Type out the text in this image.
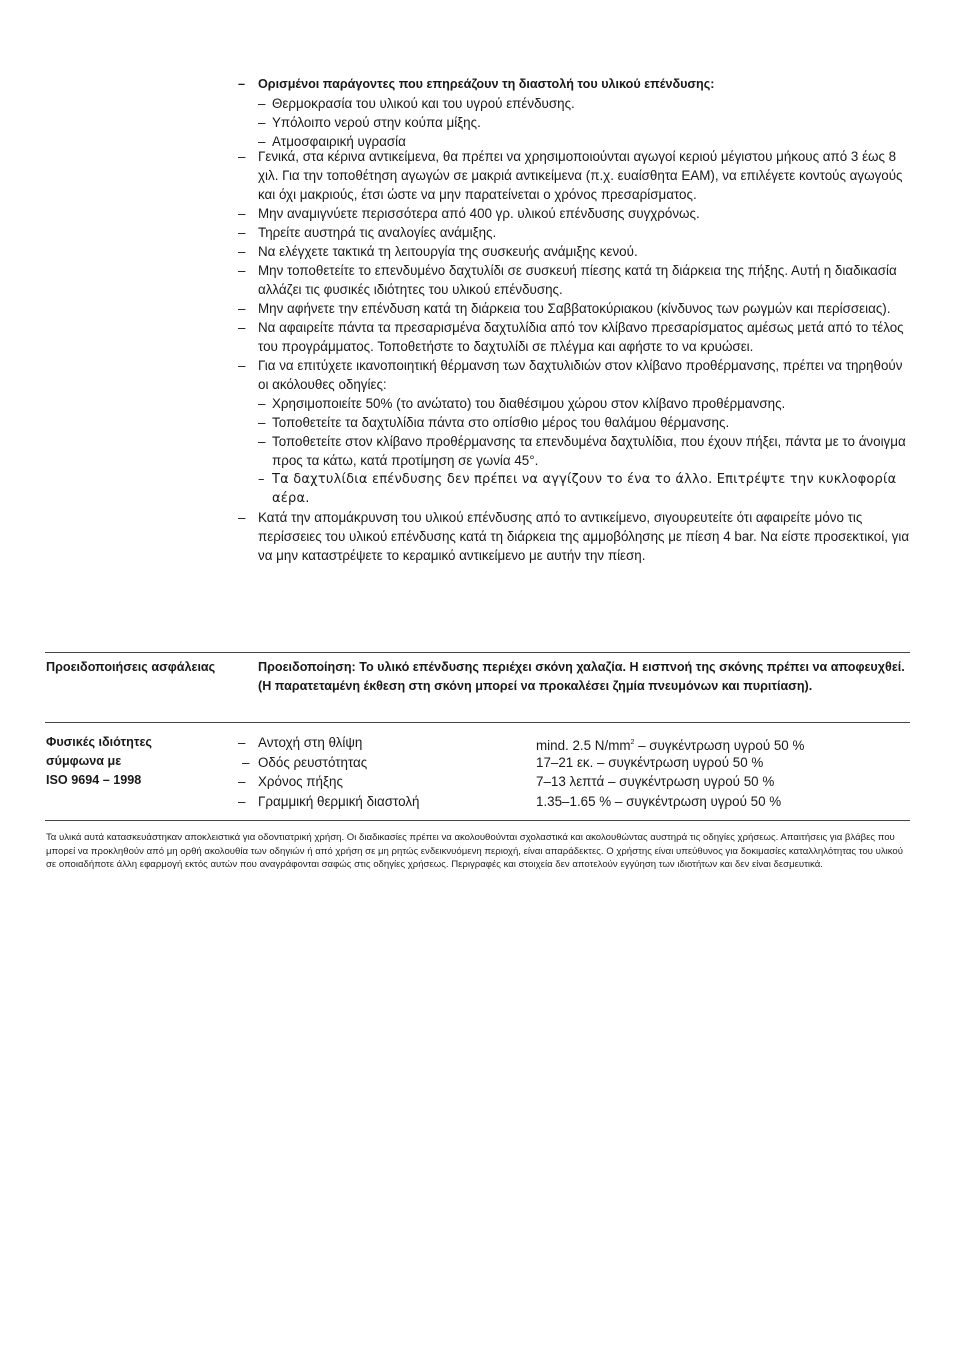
– Ορισμένοι παράγοντες που επηρεάζουν τη διαστολή του υλικού επένδυσης:
– Θερμοκρασία του υλικού και του υγρού επένδυσης.
– Υπόλοιπο νερού στην κούπα μίξης.
– Ατμοσφαιρική υγρασία
– Γενικά, στα κέρινα αντικείμενα, θα πρέπει να χρησιμοποιούνται αγωγοί κεριού μέγιστου μήκους από 3 έως 8 χιλ. Για την τοποθέτηση αγωγών σε μακριά αντικείμενα (π.χ. ευαίσθητα ΕΑΜ), να επιλέγετε κοντούς αγωγούς και όχι μακριούς, έτσι ώστε να μην παρατείνεται ο χρόνος πρεσαρίσματος.
– Μην αναμιγνύετε περισσότερα από 400 γρ. υλικού επένδυσης συγχρόνως.
– Τηρείτε αυστηρά τις αναλογίες ανάμιξης.
– Να ελέγχετε τακτικά τη λειτουργία της συσκευής ανάμιξης κενού.
– Μην τοποθετείτε το επενδυμένο δαχτυλίδι σε συσκευή πίεσης κατά τη διάρκεια της πήξης. Αυτή η διαδικασία αλλάζει τις φυσικές ιδιότητες του υλικού επένδυσης.
– Μην αφήνετε την επένδυση κατά τη διάρκεια του Σαββατοκύριακου (κίνδυνος των ρωγμών και περίσσειας).
– Να αφαιρείτε πάντα τα πρεσαρισμένα δαχτυλίδια από τον κλίβανο πρεσαρίσματος αμέσως μετά από το τέλος του προγράμματος. Τοποθετήστε το δαχτυλίδι σε πλέγμα και αφήστε το να κρυώσει.
– Για να επιτύχετε ικανοποιητική θέρμανση των δαχτυλιδιών στον κλίβανο προθέρμανσης, πρέπει να τηρηθούν οι ακόλουθες οδηγίες:
– Χρησιμοποιείτε 50% (το ανώτατο) του διαθέσιμου χώρου στον κλίβανο προθέρμανσης.
– Τοποθετείτε τα δαχτυλίδια πάντα στο οπίσθιο μέρος του θαλάμου θέρμανσης.
– Τοποθετείτε στον κλίβανο προθέρμανσης τα επενδυμένα δαχτυλίδια, που έχουν πήξει, πάντα με το άνοιγμα προς τα κάτω, κατά προτίμηση σε γωνία 45°.
– Τα δαχτυλίδια επένδυσης δεν πρέπει να αγγίζουν το ένα το άλλο. Επιτρέψτε την κυκλοφορία αέρα.
– Κατά την απομάκρυνση του υλικού επένδυσης από το αντικείμενο, σιγουρευτείτε ότι αφαιρείτε μόνο τις περίσσειες του υλικού επένδυσης κατά τη διάρκεια της αμμοβόλησης με πίεση 4 bar. Να είστε προσεκτικοί, για να μην καταστρέψετε το κεραμικό αντικείμενο με αυτήν την πίεση.
Προειδοποιήσεις ασφάλειας	Προειδοποίηση: Το υλικό επένδυσης περιέχει σκόνη χαλαζία. Η εισπνοή της σκόνης πρέπει να αποφευχθεί. (Η παρατεταμένη έκθεση στη σκόνη μπορεί να προκαλέσει ζημία πνευμόνων και πυριτίαση).
Φυσικές ιδιότητες
σύμφωνα με
ISO 9694 – 1998
– Αντοχή στη θλίψη	mind. 2.5 $N/mm^2$ – συγκέντρωση υγρού 50 %
– Οδός ρευστότητας	17–21 εκ. – συγκέντρωση υγρού 50 %
– Χρόνος πήξης	7–13 λεπτά – συγκέντρωση υγρού 50 %
– Γραμμική θερμική διαστολή	1.35–1.65 % – συγκέντρωση υγρού 50 %
Τα υλικά αυτά κατασκευάστηκαν αποκλειστικά για οδοντιατρική χρήση. Οι διαδικασίες πρέπει να ακολουθούνται σχολαστικά και ακολουθώντας αυστηρά τις οδηγίες χρήσεως. Απαιτήσεις για βλάβες που μπορεί να προκληθούν από μη ορθή ακολουθία των οδηγιών ή από χρήση σε μη ρητώς ενδεικνυόμενη περιοχή, είναι απαράδεκτες. Ο χρήστης είναι υπεύθυνος για δοκιμασίες καταλληλότητας του υλικού σε οποιαδήποτε άλλη εφαρμογή εκτός αυτών που αναγράφονται σαφώς στις οδηγίες χρήσεως. Περιγραφές και στοιχεία δεν αποτελούν εγγύηση των ιδιοτήτων και δεν είναι δεσμευτικά.
